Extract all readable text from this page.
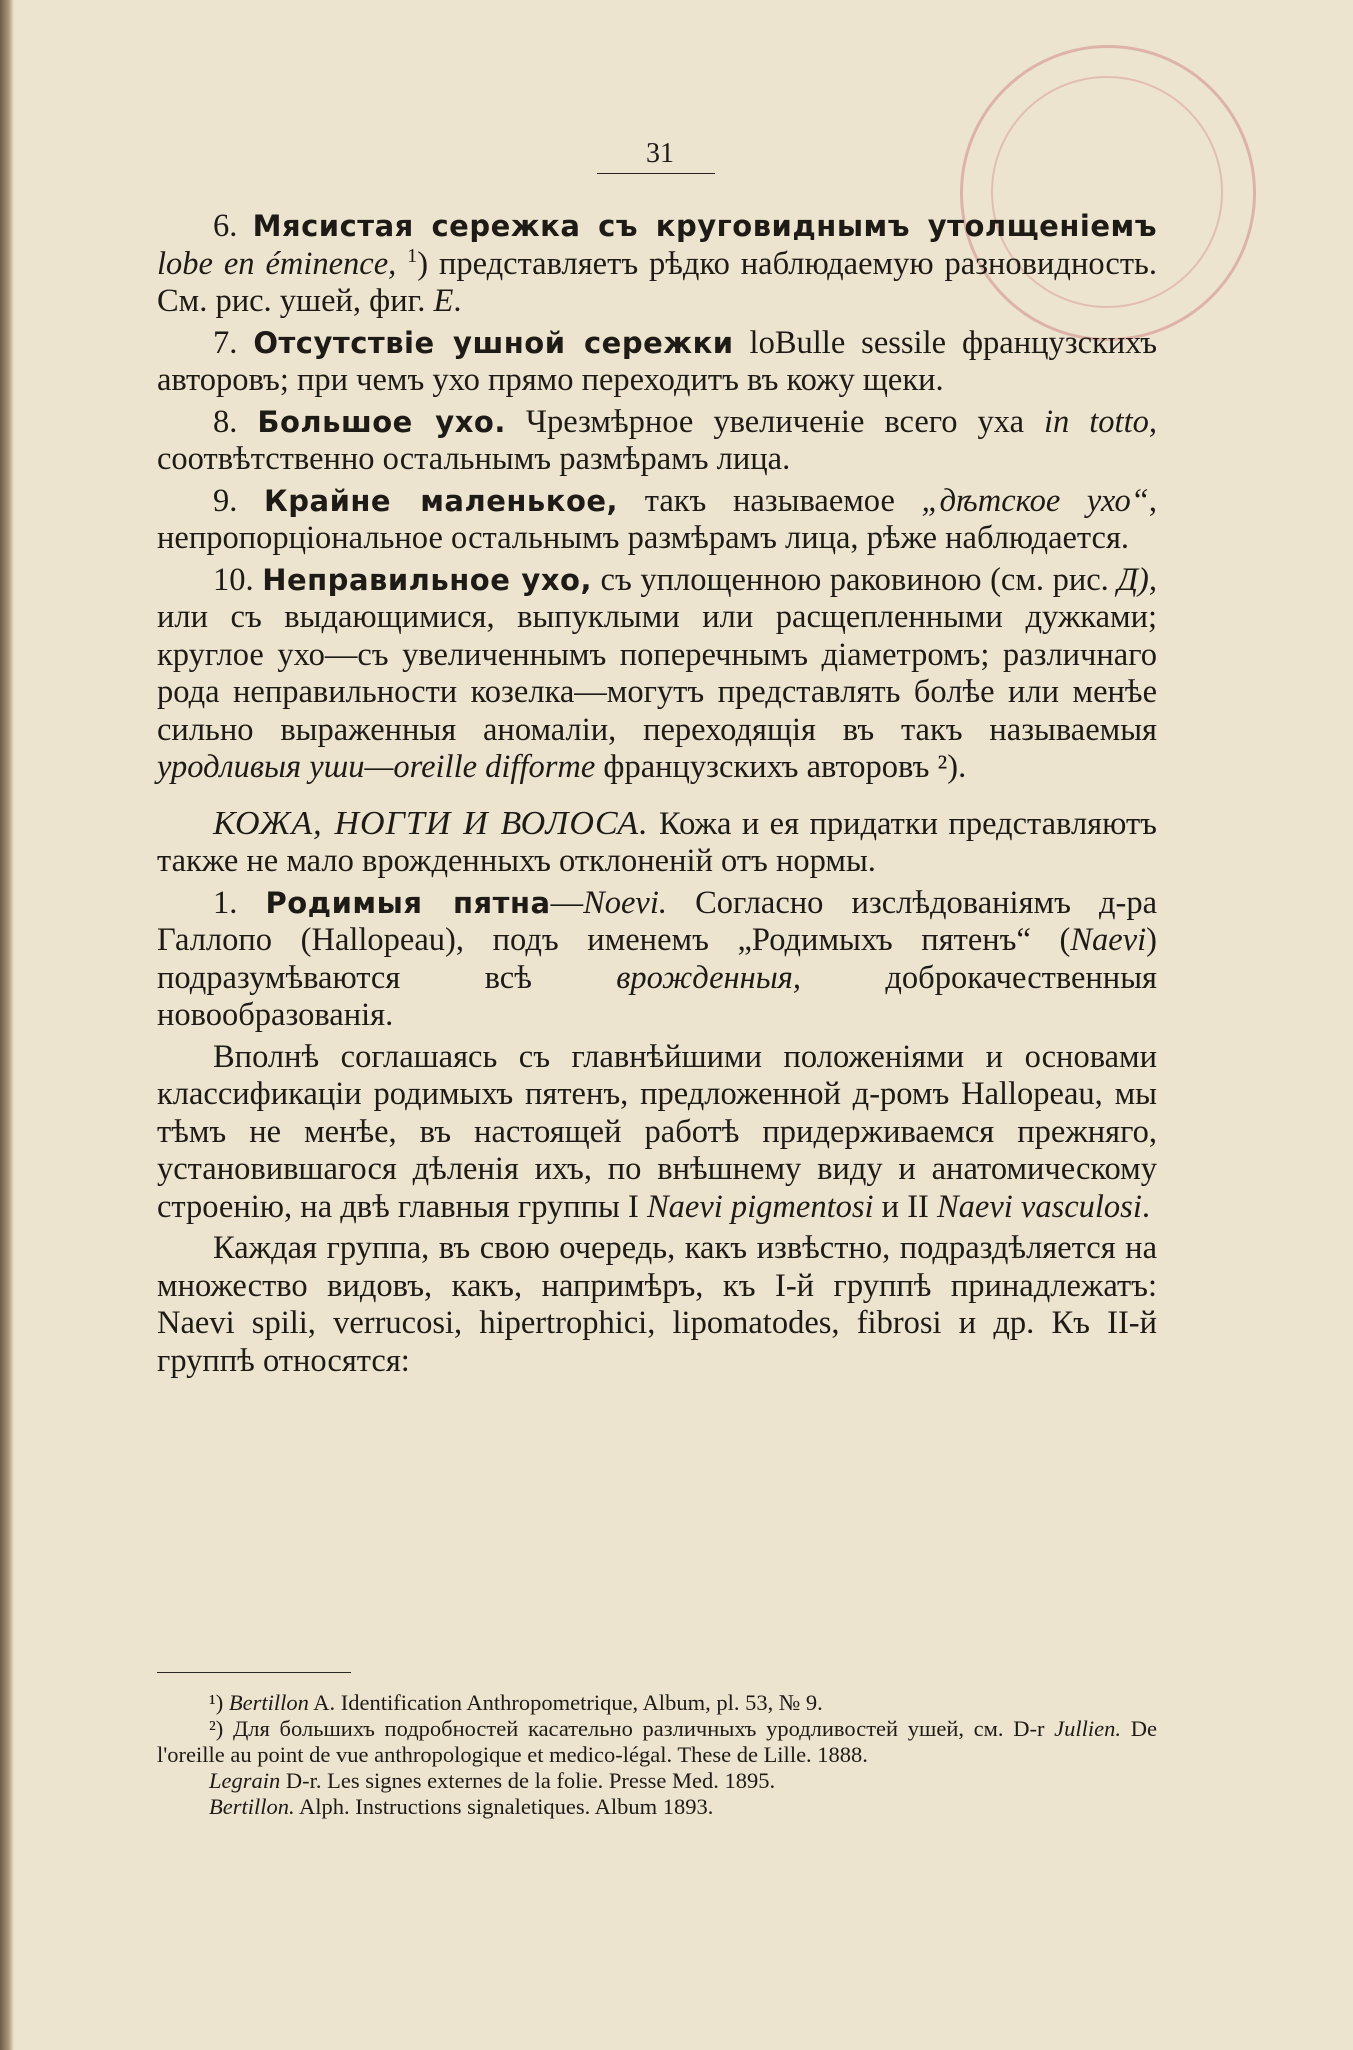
31

6. Мясистая сережка съ круговиднымъ утолщеніемъ lobe en éminence, $^1$) представляетъ рѣдко наблюдаемую разновидность. См. рис. ушей, фиг. E.

7. Отсутствіе ушной сережки loBulle sessile французскихъ авторовъ; при чемъ ухо прямо переходитъ въ кожу щеки.

8. Большое ухо. Чрезмѣрное увеличеніе всего уха in totto, соотвѣтственно остальнымъ размѣрамъ лица.

9. Крайне маленькое, такъ называемое „дѣтское ухо“, непропорціональное остальнымъ размѣрамъ лица, рѣже наблюдается.

10. Неправильное ухо, съ уплощенною раковиною (см. рис. Д), или съ выдающимися, выпуклыми или расщепленными дужками; круглое ухо—съ увеличеннымъ поперечнымъ діаметромъ; различнаго рода неправильности козелка—могутъ представлять болѣе или менѣе сильно выраженныя аномаліи, переходящія въ такъ называемыя уродливыя уши—oreille difforme французскихъ авторовъ ²).

КОЖА, НОГТИ И ВОЛОСА. Кожа и ея придатки представляютъ также не мало врожденныхъ отклоненій отъ нормы.

1. Родимыя пятна—Noevi. Согласно изслѣдованіямъ д-ра Галлопо (Hallopeau), подъ именемъ „Родимыхъ пятенъ“ (Naevi) подразумѣваются всѣ врожденныя, доброкачественныя новообразованія.

Вполнѣ соглашаясь съ главнѣйшими положеніями и основами классификаціи родимыхъ пятенъ, предложенной д-ромъ Hallopeau, мы тѣмъ не менѣе, въ настоящей работѣ придерживаемся прежняго, установившагося дѣленія ихъ, по внѣшнему виду и анатомическому строенію, на двѣ главныя группы I Naevi pigmentosi и II Naevi vasculosi.

Каждая группа, въ свою очередь, какъ извѣстно, подраздѣляется на множество видовъ, какъ, напримѣръ, къ I-й группѣ принадлежатъ: Naevi spili, verrucosi, hipertrophici, lipomatodes, fibrosi и др. Къ II-й группѣ относятся:

¹) Bertillon A. Identification Anthropometrique, Album, pl. 53, № 9.

²) Для большихъ подробностей касательно различныхъ уродливостей ушей, см. D-r Jullien. De l'oreille au point de vue anthropologique et medico-légal. These de Lille. 1888.

Legrain D-r. Les signes externes de la folie. Presse Med. 1895.

Bertillon. Alph. Instructions signaletiques. Album 1893.
